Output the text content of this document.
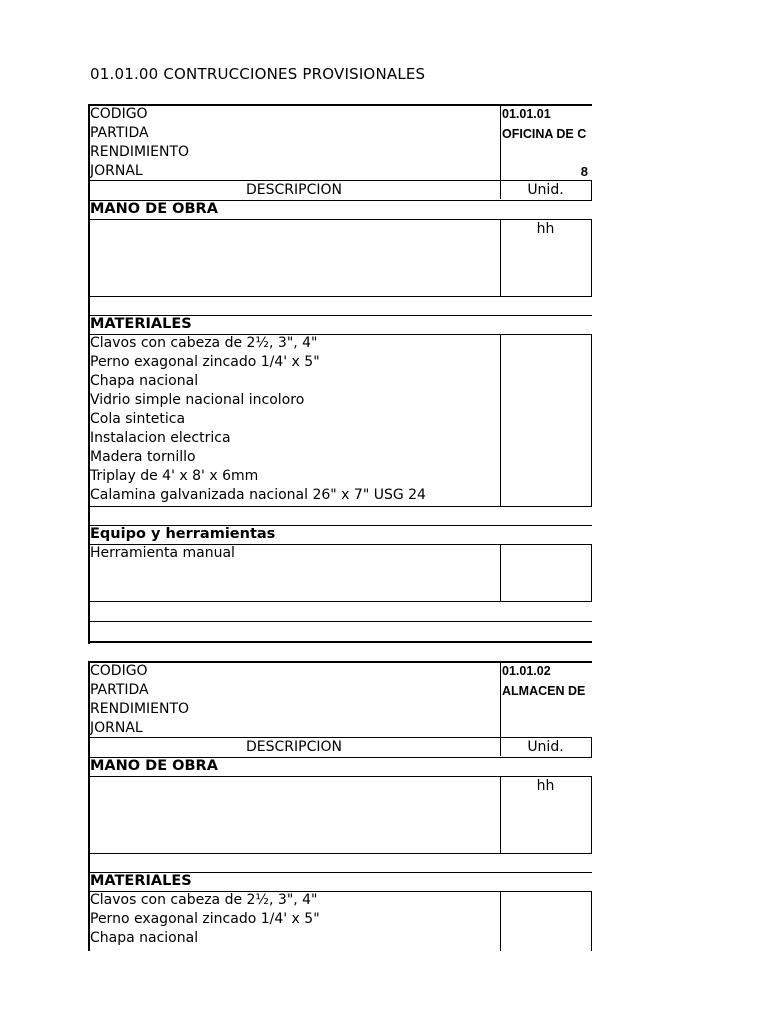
01.01.00 CONTRUCCIONES PROVISIONALES
CODIGO	01.01.01
PARTIDA	OFICINA DE C
RENDIMIENTO
JORNAL	8
DESCRIPCION	Unid.
MANO DE OBRA
hh
MATERIALES
Clavos con cabeza de 2½, 3", 4"
Perno exagonal zincado 1/4' x 5"
Chapa nacional
Vidrio simple nacional incoloro
Cola sintetica
Instalacion electrica
Madera tornillo
Triplay de 4' x 8' x 6mm
Calamina galvanizada nacional 26" x 7" USG 24
Equipo y herramientas
Herramienta manual
CODIGO	01.01.02
PARTIDA	ALMACEN DE
RENDIMIENTO
JORNAL
DESCRIPCION	Unid.
MANO DE OBRA
hh
MATERIALES
Clavos con cabeza de 2½, 3", 4"
Perno exagonal zincado 1/4' x 5"
Chapa nacional
